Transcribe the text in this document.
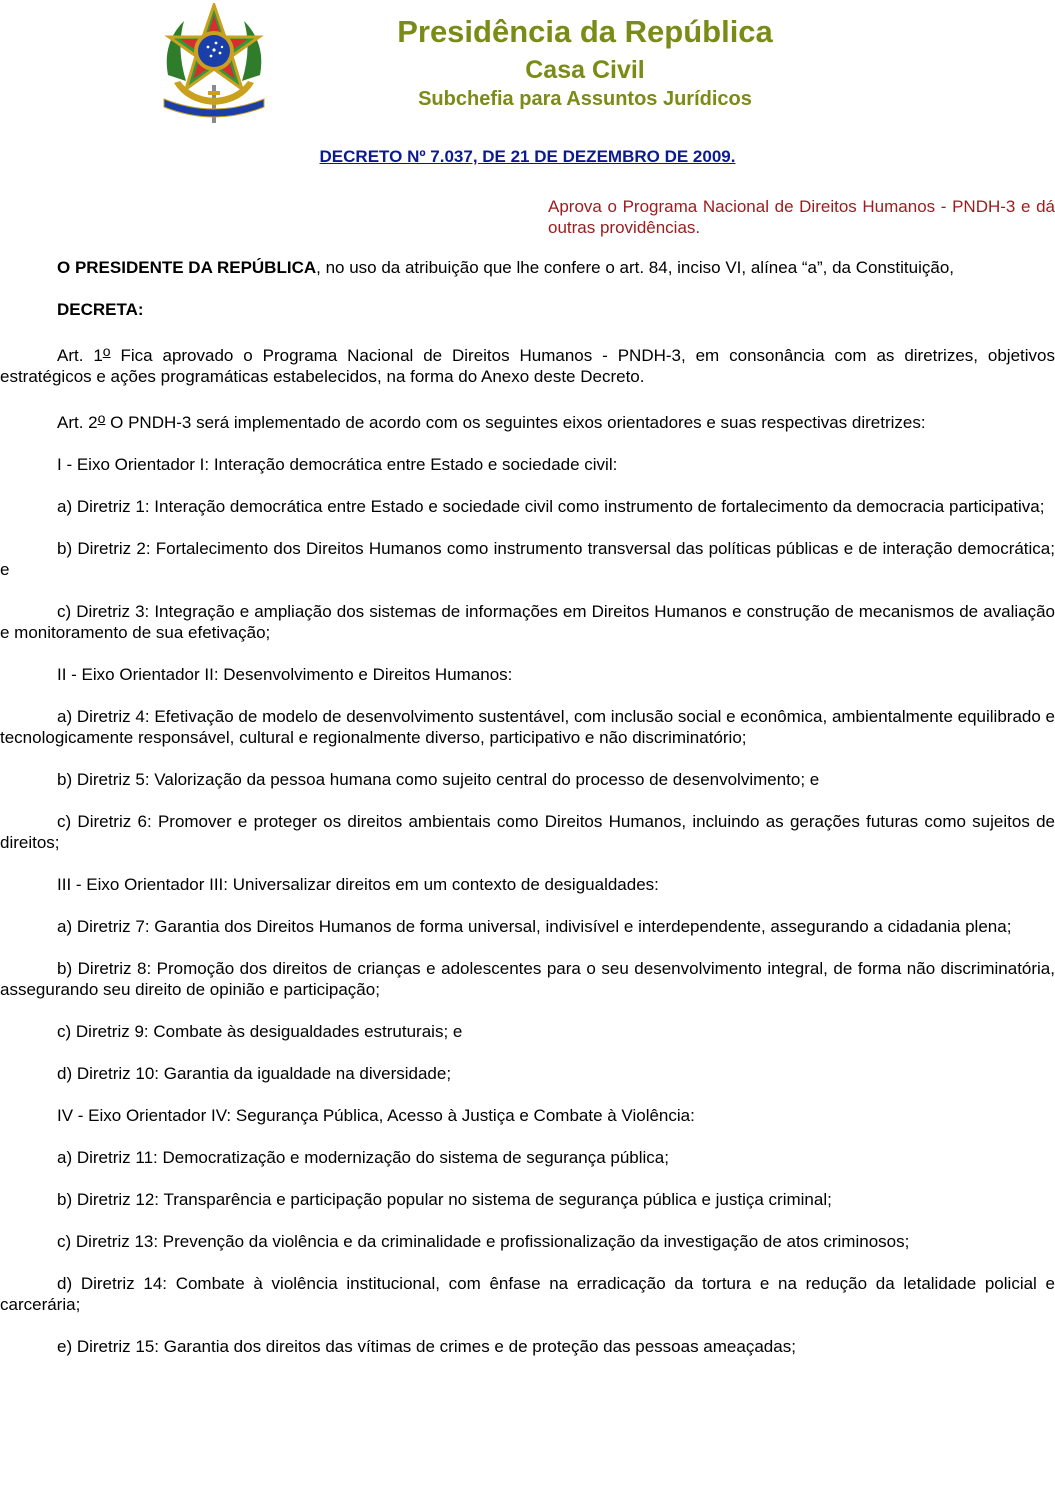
Presidência da República
Casa Civil
Subchefia para Assuntos Jurídicos
DECRETO Nº 7.037, DE 21 DE DEZEMBRO DE 2009.
Aprova o Programa Nacional de Direitos Humanos - PNDH-3 e dá outras providências.

O PRESIDENTE DA REPÚBLICA, no uso da atribuição que lhe confere o art. 84, inciso VI, alínea “a”, da Constituição,

DECRETA:

Art. 1$^o$ Fica aprovado o Programa Nacional de Direitos Humanos - PNDH-3, em consonância com as diretrizes, objetivos estratégicos e ações programáticas estabelecidos, na forma do Anexo deste Decreto.

Art. 2$^o$ O PNDH-3 será implementado de acordo com os seguintes eixos orientadores e suas respectivas diretrizes:

I - Eixo Orientador I: Interação democrática entre Estado e sociedade civil:

a) Diretriz 1: Interação democrática entre Estado e sociedade civil como instrumento de fortalecimento da democracia participativa;

b) Diretriz 2: Fortalecimento dos Direitos Humanos como instrumento transversal das políticas públicas e de interação democrática; e

c) Diretriz 3: Integração e ampliação dos sistemas de informações em Direitos Humanos e construção de mecanismos de avaliação e monitoramento de sua efetivação;

II - Eixo Orientador II: Desenvolvimento e Direitos Humanos:

a) Diretriz 4: Efetivação de modelo de desenvolvimento sustentável, com inclusão social e econômica, ambientalmente equilibrado e tecnologicamente responsável, cultural e regionalmente diverso, participativo e não discriminatório;

b) Diretriz 5: Valorização da pessoa humana como sujeito central do processo de desenvolvimento; e

c) Diretriz 6: Promover e proteger os direitos ambientais como Direitos Humanos, incluindo as gerações futuras como sujeitos de direitos;

III - Eixo Orientador III: Universalizar direitos em um contexto de desigualdades:

a) Diretriz 7: Garantia dos Direitos Humanos de forma universal, indivisível e interdependente, assegurando a cidadania plena;

b) Diretriz 8: Promoção dos direitos de crianças e adolescentes para o seu desenvolvimento integral, de forma não discriminatória, assegurando seu direito de opinião e participação;

c) Diretriz 9: Combate às desigualdades estruturais; e

d) Diretriz 10: Garantia da igualdade na diversidade;

IV - Eixo Orientador IV: Segurança Pública, Acesso à Justiça e Combate à Violência:

a) Diretriz 11: Democratização e modernização do sistema de segurança pública;

b) Diretriz 12: Transparência e participação popular no sistema de segurança pública e justiça criminal;

c) Diretriz 13: Prevenção da violência e da criminalidade e profissionalização da investigação de atos criminosos;

d) Diretriz 14: Combate à violência institucional, com ênfase na erradicação da tortura e na redução da letalidade policial e carcerária;

e) Diretriz 15: Garantia dos direitos das vítimas de crimes e de proteção das pessoas ameaçadas;
